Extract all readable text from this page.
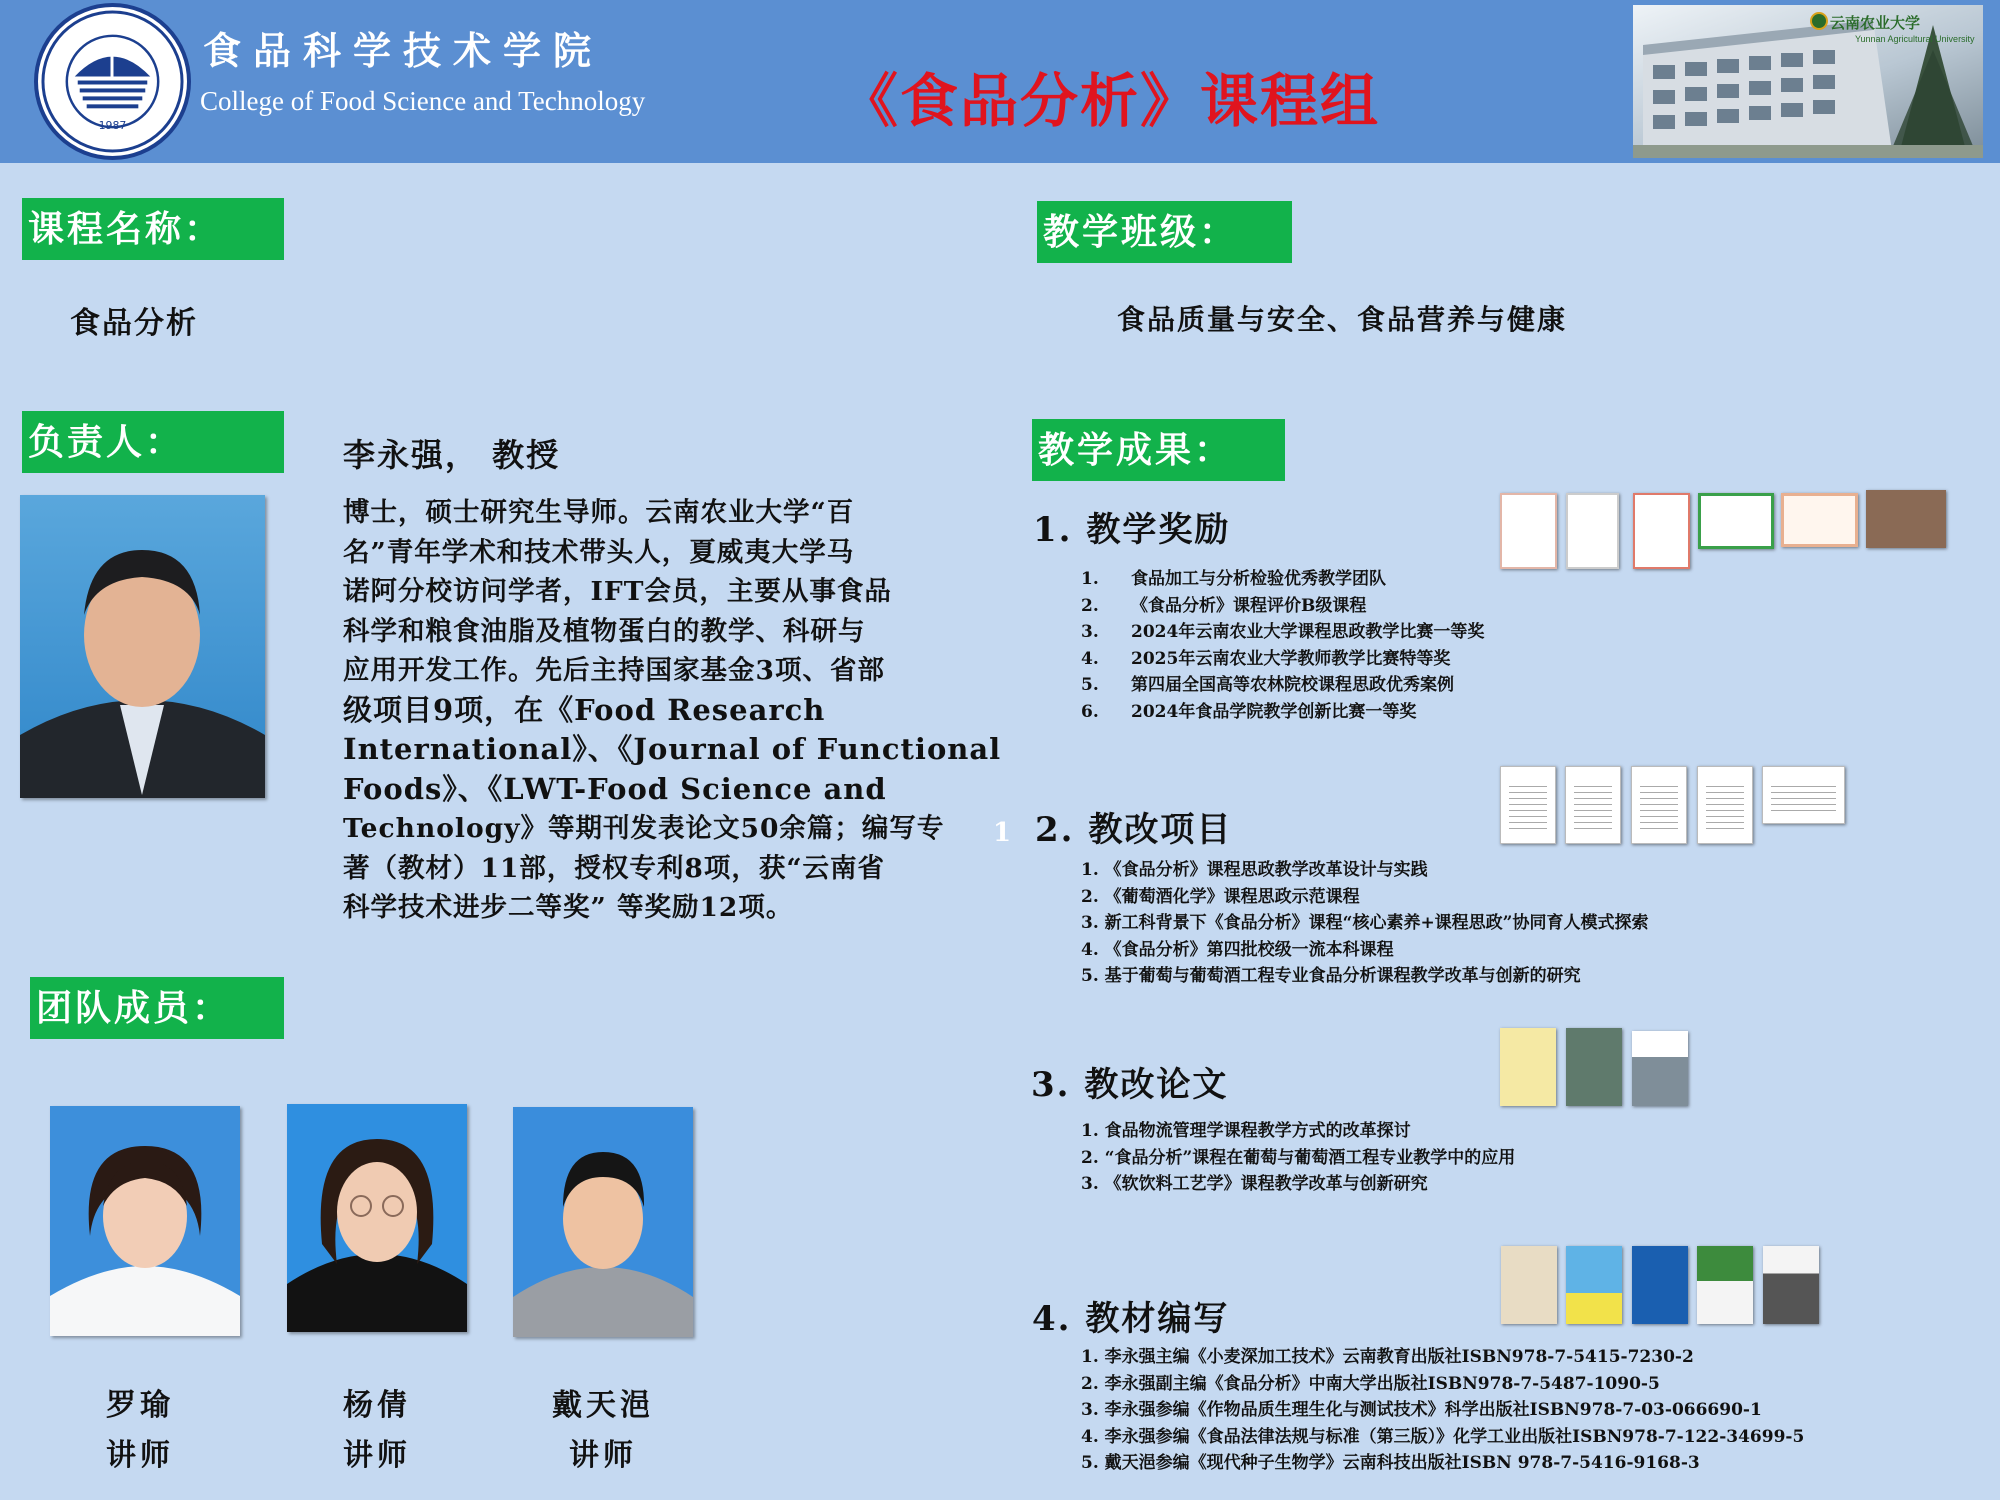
1987
食品科学技术学院
College of Food Science and Technology	《食品分析》课程组
云南农业大学
Yunnan Agricultural University
课程名称：
食品分析
负责人：	李永强， 教授
博士，硕士研究生导师。云南农业大学“百
名”青年学术和技术带头人，夏威夷大学马
诺阿分校访问学者，IFT会员，主要从事食品
科学和粮食油脂及植物蛋白的教学、科研与
应用开发工作。先后主持国家基金3项、省部
级项目9项，在《Food Research
International》、《Journal of Functional
Foods》、《LWT-Food Science and
Technology》等期刊发表论文50余篇；编写专
著（教材）11部，授权专利8项，获“云南省
科学技术进步二等奖” 等奖励12项。
1
团队成员：
罗瑜
讲师
杨倩
讲师
戴天浥
讲师
教学班级：
食品质量与安全、食品营养与健康
教学成果：
1. 教学奖励
1. 食品加工与分析检验优秀教学团队
2. 《食品分析》课程评价B级课程
3. 2024年云南农业大学课程思政教学比赛一等奖
4. 2025年云南农业大学教师教学比赛特等奖
5. 第四届全国高等农林院校课程思政优秀案例
6. 2024年食品学院教学创新比赛一等奖
2. 教改项目
1. 《食品分析》课程思政教学改革设计与实践
2. 《葡萄酒化学》课程思政示范课程
3. 新工科背景下《食品分析》课程“核心素养+课程思政”协同育人模式探索
4. 《食品分析》第四批校级一流本科课程
5. 基于葡萄与葡萄酒工程专业食品分析课程教学改革与创新的研究
3. 教改论文
1. 食品物流管理学课程教学方式的改革探讨
2. “食品分析”课程在葡萄与葡萄酒工程专业教学中的应用
3. 《软饮料工艺学》课程教学改革与创新研究
4. 教材编写
1. 李永强主编《小麦深加工技术》云南教育出版社ISBN978-7-5415-7230-2
2. 李永强副主编《食品分析》中南大学出版社ISBN978-7-5487-1090-5
3. 李永强参编《作物品质生理生化与测试技术》科学出版社ISBN978-7-03-066690-1
4. 李永强参编《食品法律法规与标准（第三版）》化学工业出版社ISBN978-7-122-34699-5
5. 戴天浥参编《现代种子生物学》云南科技出版社ISBN 978-7-5416-9168-3
